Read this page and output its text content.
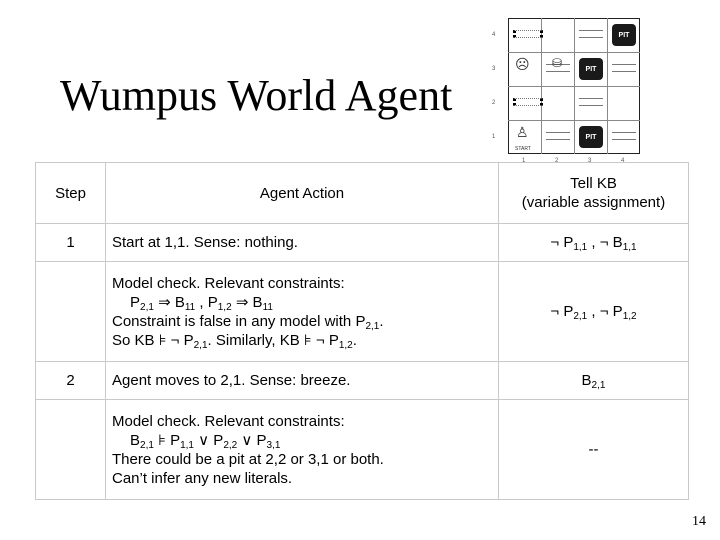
Wumpus World Agent
4
3
2
1
1	2	3	4
PIT
PIT
PIT
☹ ⛁
♙
START
Step	Agent Action	Tell KB
(variable assignment)

1	Start at 1,1. Sense: nothing.	¬ $P_{1,1}$ , ¬ $B_{1,1}$

	Model check. Relevant constraints:
$P_{2,1}$ ⇒ $B_{11}$ , $P_{1,2}$ ⇒ $B_{11}$
Constraint is false in any model with $P_{2,1}$.
So KB ⊧ ¬ $P_{2,1}$. Similarly, KB ⊧ ¬ $P_{1,2}$.	¬ $P_{2,1}$ , ¬ $P_{1,2}$
2	Agent moves to 2,1. Sense: breeze.	$B_{2,1}$

	Model check. Relevant constraints:
$B_{2,1}$ ⊧ $P_{1,1}$ ∨ $P_{2,2}$ ∨ $P_{3,1}$
There could be a pit at 2,2 or 3,1 or both.
Can’t infer any new literals.	--
14
